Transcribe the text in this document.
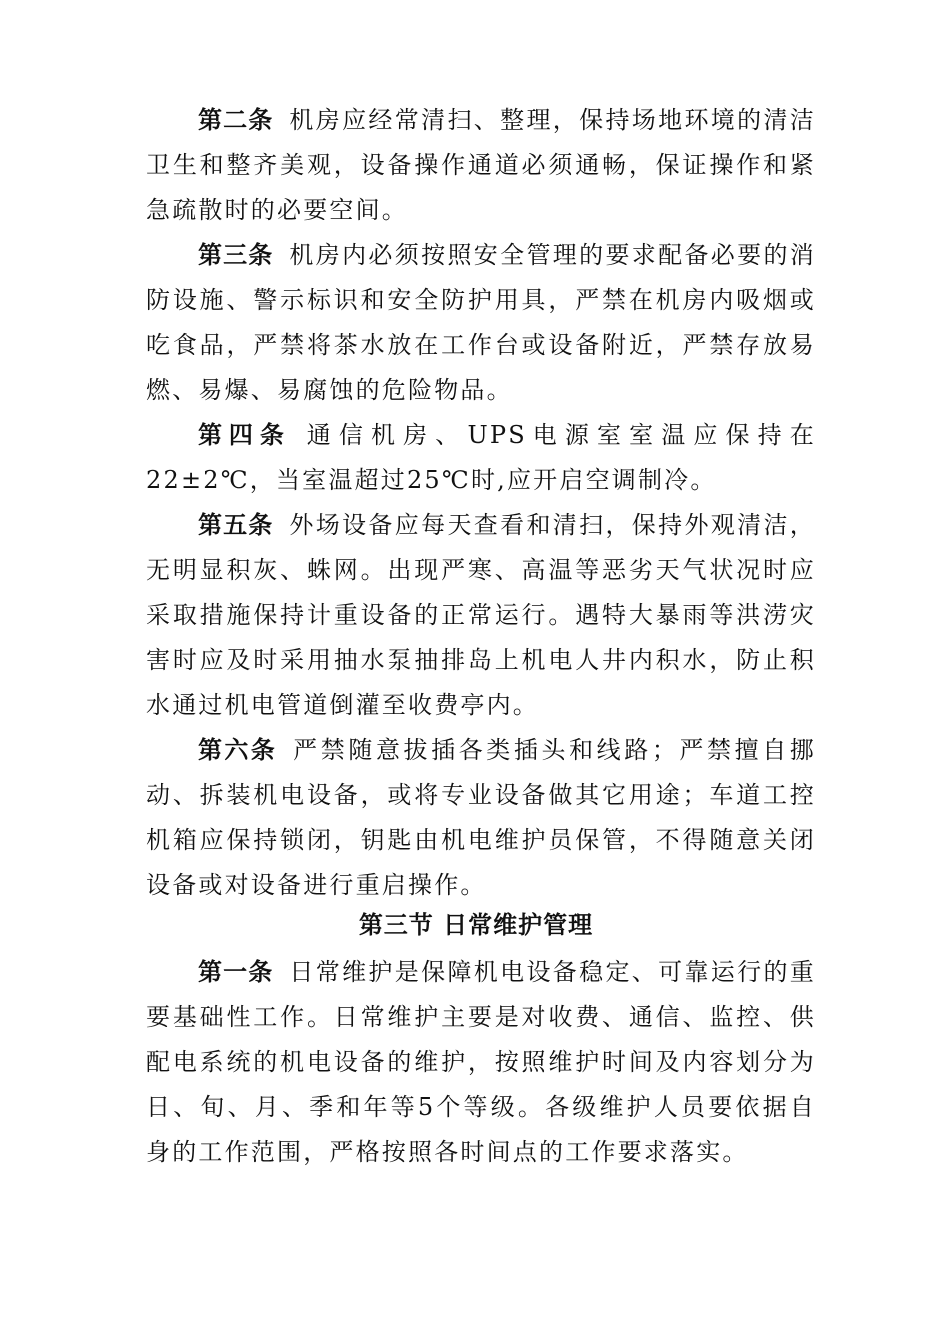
第二条 机房应经常清扫、整理，保持场地环境的清洁卫生和整齐美观，设备操作通道必须通畅，保证操作和紧急疏散时的必要空间。

第三条 机房内必须按照安全管理的要求配备必要的消防设施、警示标识和安全防护用具，严禁在机房内吸烟或吃食品，严禁将茶水放在工作台或设备附近，严禁存放易燃、易爆、易腐蚀的危险物品。

第四条 通信机房、UPS电源室室温应保持在22±2℃，当室温超过25℃时,应开启空调制冷。

第五条 外场设备应每天查看和清扫，保持外观清洁，无明显积灰、蛛网。出现严寒、高温等恶劣天气状况时应采取措施保持计重设备的正常运行。遇特大暴雨等洪涝灾害时应及时采用抽水泵抽排岛上机电人井内积水，防止积水通过机电管道倒灌至收费亭内。

第六条 严禁随意拔插各类插头和线路；严禁擅自挪动、拆装机电设备，或将专业设备做其它用途；车道工控机箱应保持锁闭，钥匙由机电维护员保管，不得随意关闭设备或对设备进行重启操作。

第三节 日常维护管理

第一条 日常维护是保障机电设备稳定、可靠运行的重要基础性工作。日常维护主要是对收费、通信、监控、供配电系统的机电设备的维护，按照维护时间及内容划分为日、旬、月、季和年等5个等级。各级维护人员要依据自身的工作范围，严格按照各时间点的工作要求落实。
